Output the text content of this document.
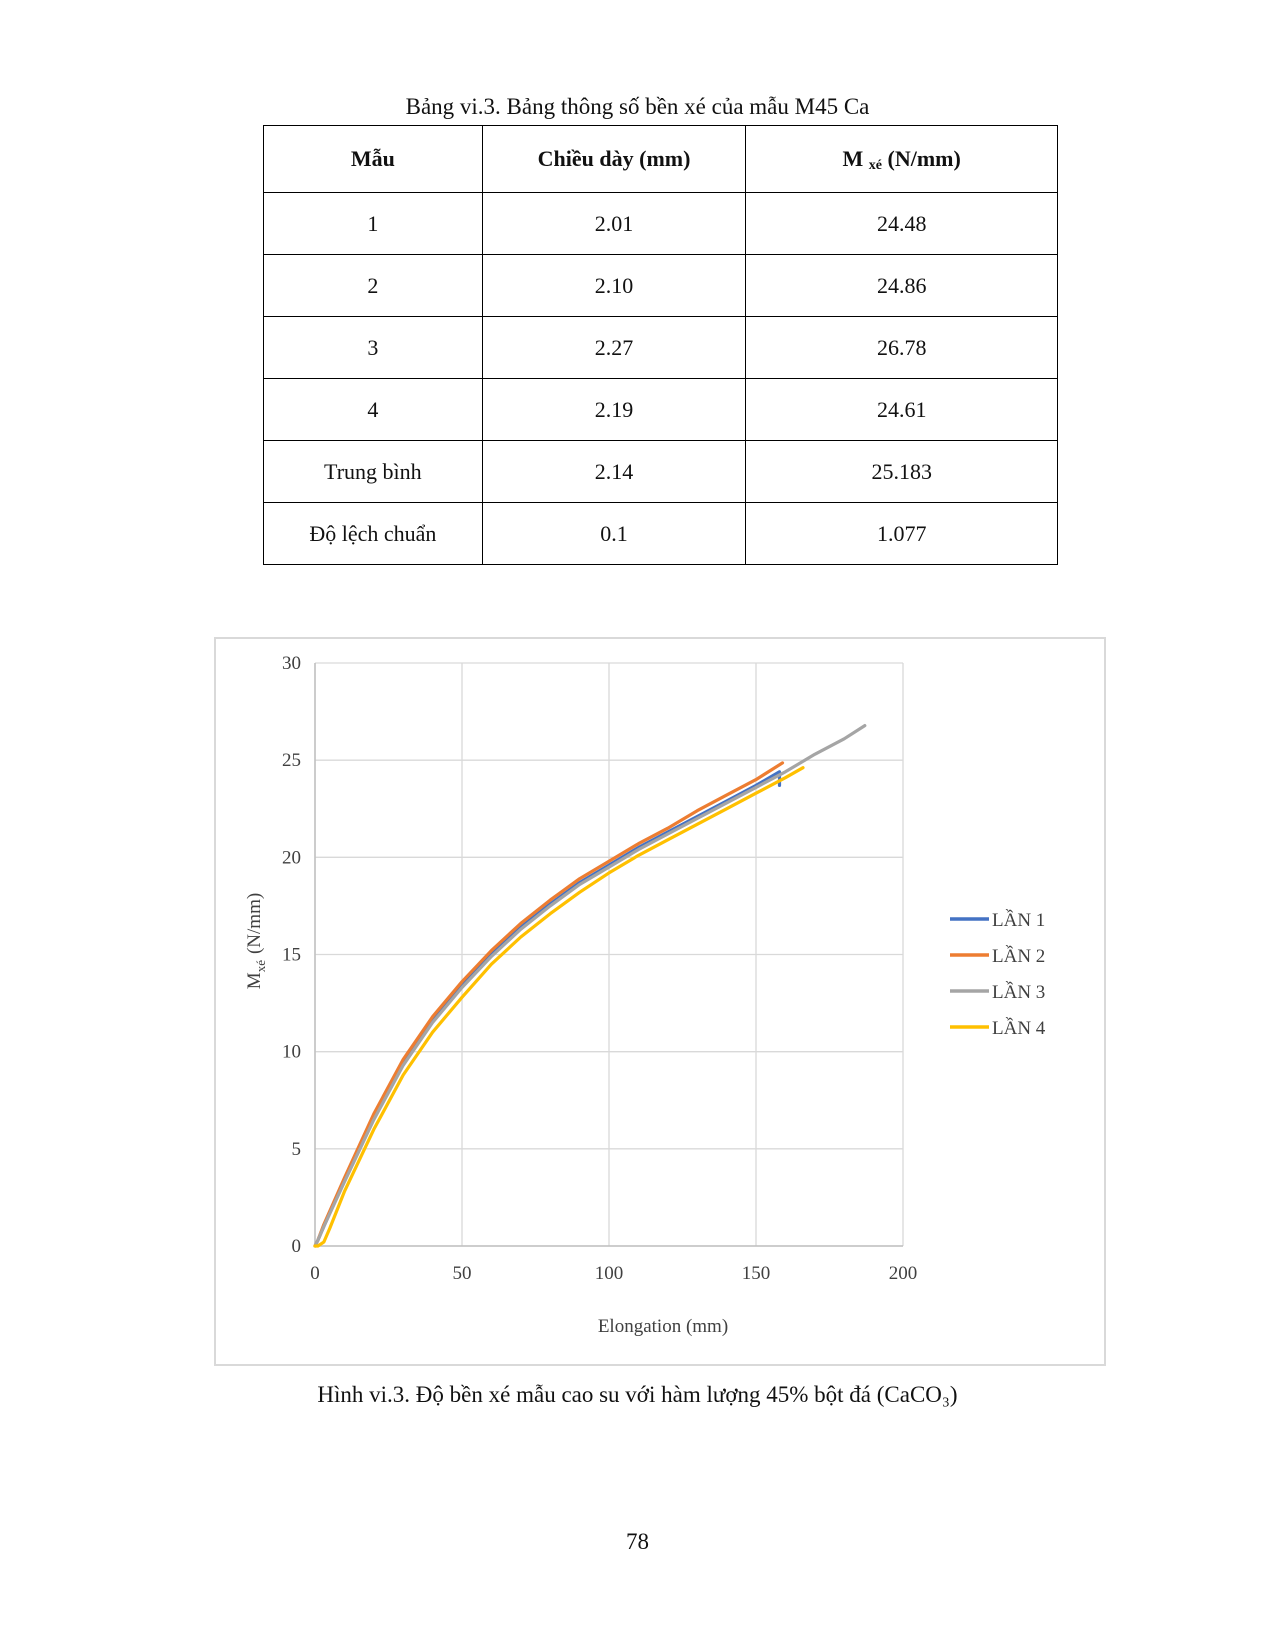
Bảng vi.3. Bảng thông số bền xé của mẫu M45 Ca
Mẫu	Chiều dày (mm)	M xé (N/mm)
1	2.01	24.48
2	2.10	24.86
3	2.27	26.78
4	2.19	24.61
Trung bình	2.14	25.183
Độ lệch chuẩn	0.1	1.077
0
5
10
15
20
25
30
0	50	100	150	200
Elongation (mm)
$M_{xé}(N/mm)$	LẦN 1
LẦN 2
LẦN 3
LẦN 4
Hình vi.3. Độ bền xé mẫu cao su với hàm lượng 45% bột đá (CaCO₃)
78
